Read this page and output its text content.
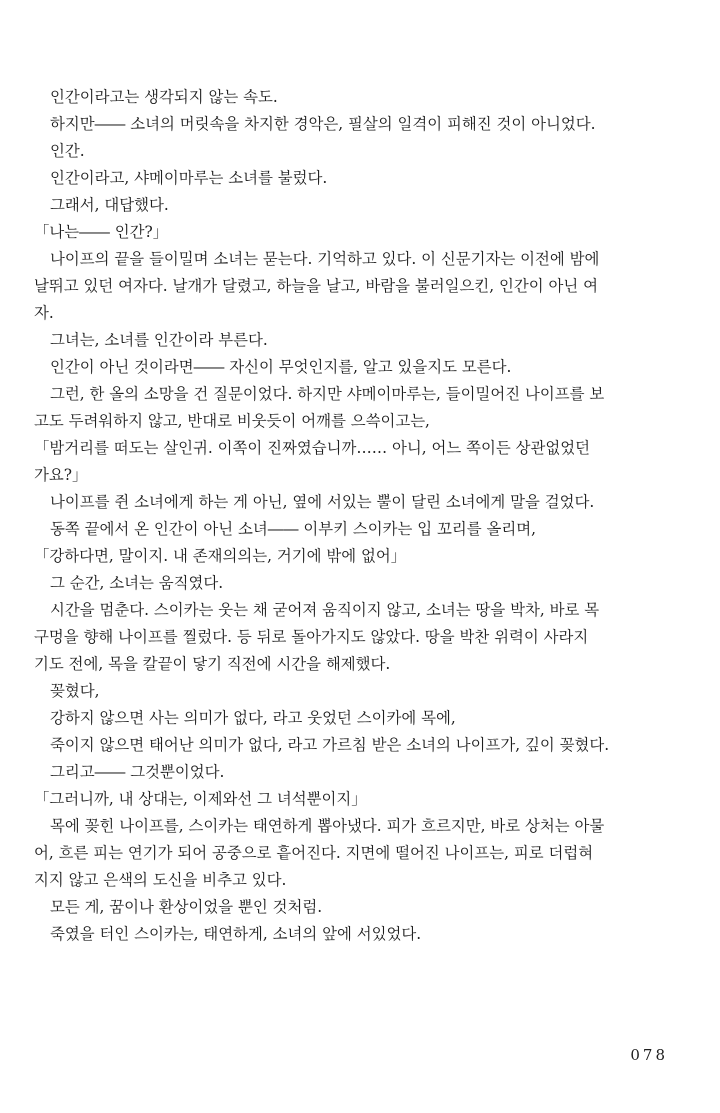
인간이라고는 생각되지 않는 속도.
하지만―― 소녀의 머릿속을 차지한 경악은, 필살의 일격이 피해진 것이 아니었다.
인간.
인간이라고, 샤메이마루는 소녀를 불렀다.
그래서, 대답했다.
「나는―― 인간?」
나이프의 끝을 들이밀며 소녀는 묻는다. 기억하고 있다. 이 신문기자는 이전에 밤에
날뛰고 있던 여자다. 날개가 달렸고, 하늘을 날고, 바람을 불러일으킨, 인간이 아닌 여
자.
그녀는, 소녀를 인간이라 부른다.
인간이 아닌 것이라면―― 자신이 무엇인지를, 알고 있을지도 모른다.
그런, 한 올의 소망을 건 질문이었다. 하지만 샤메이마루는, 들이밀어진 나이프를 보
고도 두려워하지 않고, 반대로 비웃듯이 어깨를 으쓱이고는,
「밤거리를 떠도는 살인귀. 이쪽이 진짜였습니까…… 아니, 어느 쪽이든 상관없었던
가요?」
나이프를 쥔 소녀에게 하는 게 아닌, 옆에 서있는 뿔이 달린 소녀에게 말을 걸었다.
동쪽 끝에서 온 인간이 아닌 소녀―― 이부키 스이카는 입 꼬리를 올리며,
「강하다면, 말이지. 내 존재의의는, 거기에 밖에 없어」
그 순간, 소녀는 움직였다.
시간을 멈춘다. 스이카는 웃는 채 굳어져 움직이지 않고, 소녀는 땅을 박차, 바로 목
구멍을 향해 나이프를 찔렀다. 등 뒤로 돌아가지도 않았다. 땅을 박찬 위력이 사라지
기도 전에, 목을 칼끝이 닿기 직전에 시간을 해제했다.
꽂혔다,
강하지 않으면 사는 의미가 없다, 라고 웃었던 스이카에 목에,
죽이지 않으면 태어난 의미가 없다, 라고 가르침 받은 소녀의 나이프가, 깊이 꽂혔다.
그리고―― 그것뿐이었다.
「그러니까, 내 상대는, 이제와선 그 녀석뿐이지」
목에 꽂힌 나이프를, 스이카는 태연하게 뽑아냈다. 피가 흐르지만, 바로 상처는 아물
어, 흐른 피는 연기가 되어 공중으로 흩어진다. 지면에 떨어진 나이프는, 피로 더럽혀
지지 않고 은색의 도신을 비추고 있다.
모든 게, 꿈이나 환상이었을 뿐인 것처럼.
죽였을 터인 스이카는, 태연하게, 소녀의 앞에 서있었다.
078
